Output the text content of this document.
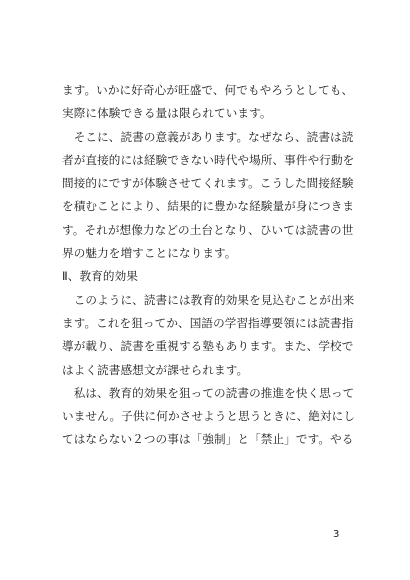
ます。いかに好奇心が旺盛で、何でもやろうとしても、
実際に体験できる量は限られています。
　そこに、読書の意義があります。なぜなら、読書は読
者が直接的には経験できない時代や場所、事件や行動を
間接的にですが体験させてくれます。こうした間接経験
を積むことにより、結果的に豊かな経験量が身につきま
す。それが想像力などの土台となり、ひいては読書の世
界の魅力を増すことになります。
Ⅱ、教育的効果
　このように、読書には教育的効果を見込むことが出来
ます。これを狙ってか、国語の学習指導要領には読書指
導が載り、読書を重視する塾もあります。また、学校で
はよく読書感想文が課せられます。
　私は、教育的効果を狙っての読書の推進を快く思って
いません。子供に何かさせようと思うときに、絶対にし
てはならない２つの事は「強制」と「禁止」です。やる
3
